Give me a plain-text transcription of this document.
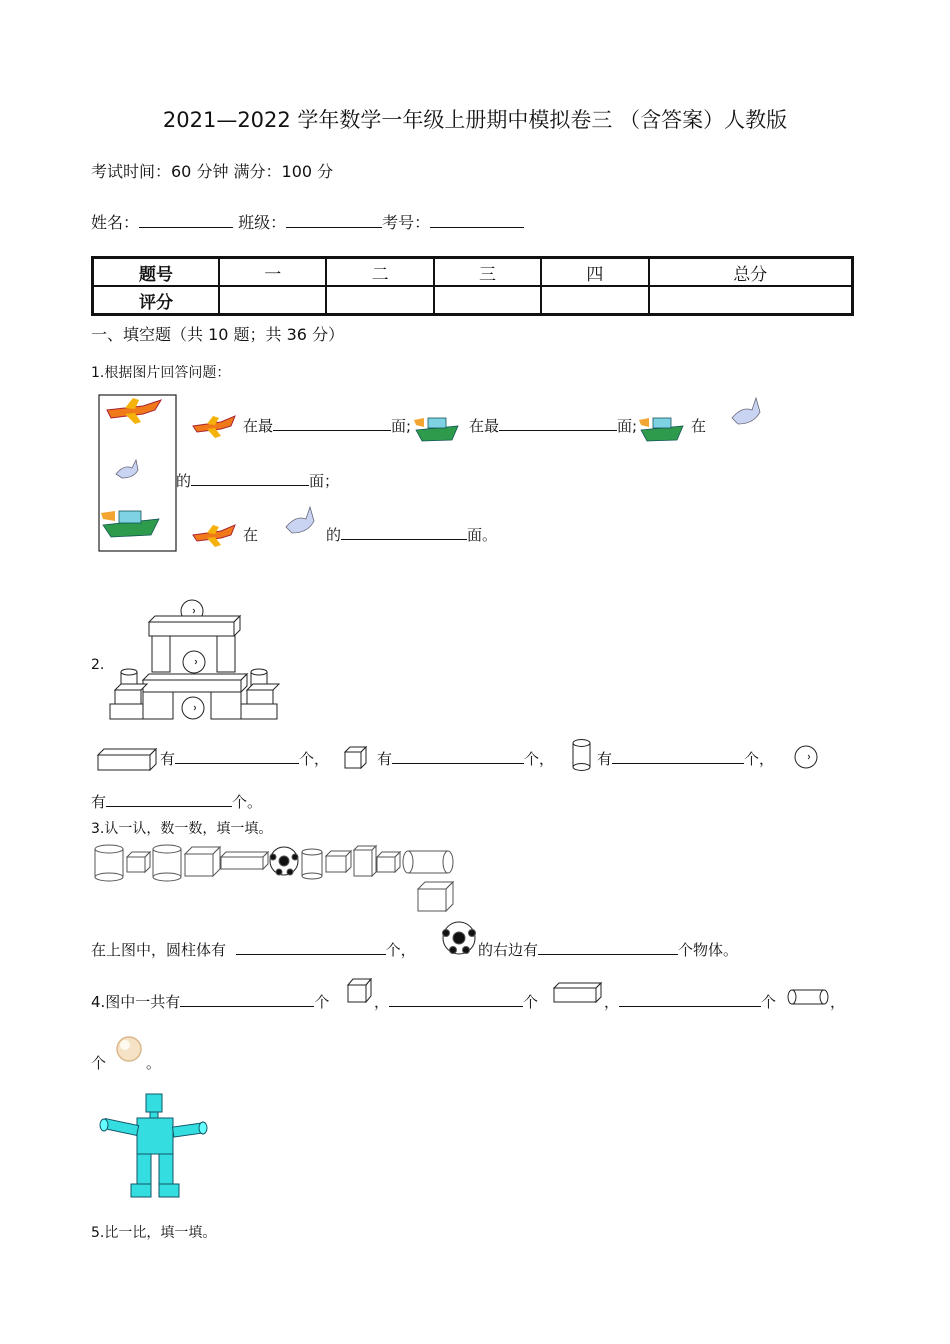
2021—2022 学年数学一年级上册期中模拟卷三 （含答案）人教版
考试时间：60 分钟 满分：100 分
姓名：	班级：	考号：
题号	一	二	三	四	总分
评分					
一、填空题（共 10 题；共 36 分）
1.根据图片回答问题：
在最	面;	在最	面;	在
的	面；
在	的	面。
2.
有	个，	有	个，	有	个，
有	个。
3.认一认，数一数，填一填。
在上图中，圆柱体有	个，	的右边有	个物体。
4.图中一共有	个	，	个	，	个	，
个	。
5.比一比，填一填。
